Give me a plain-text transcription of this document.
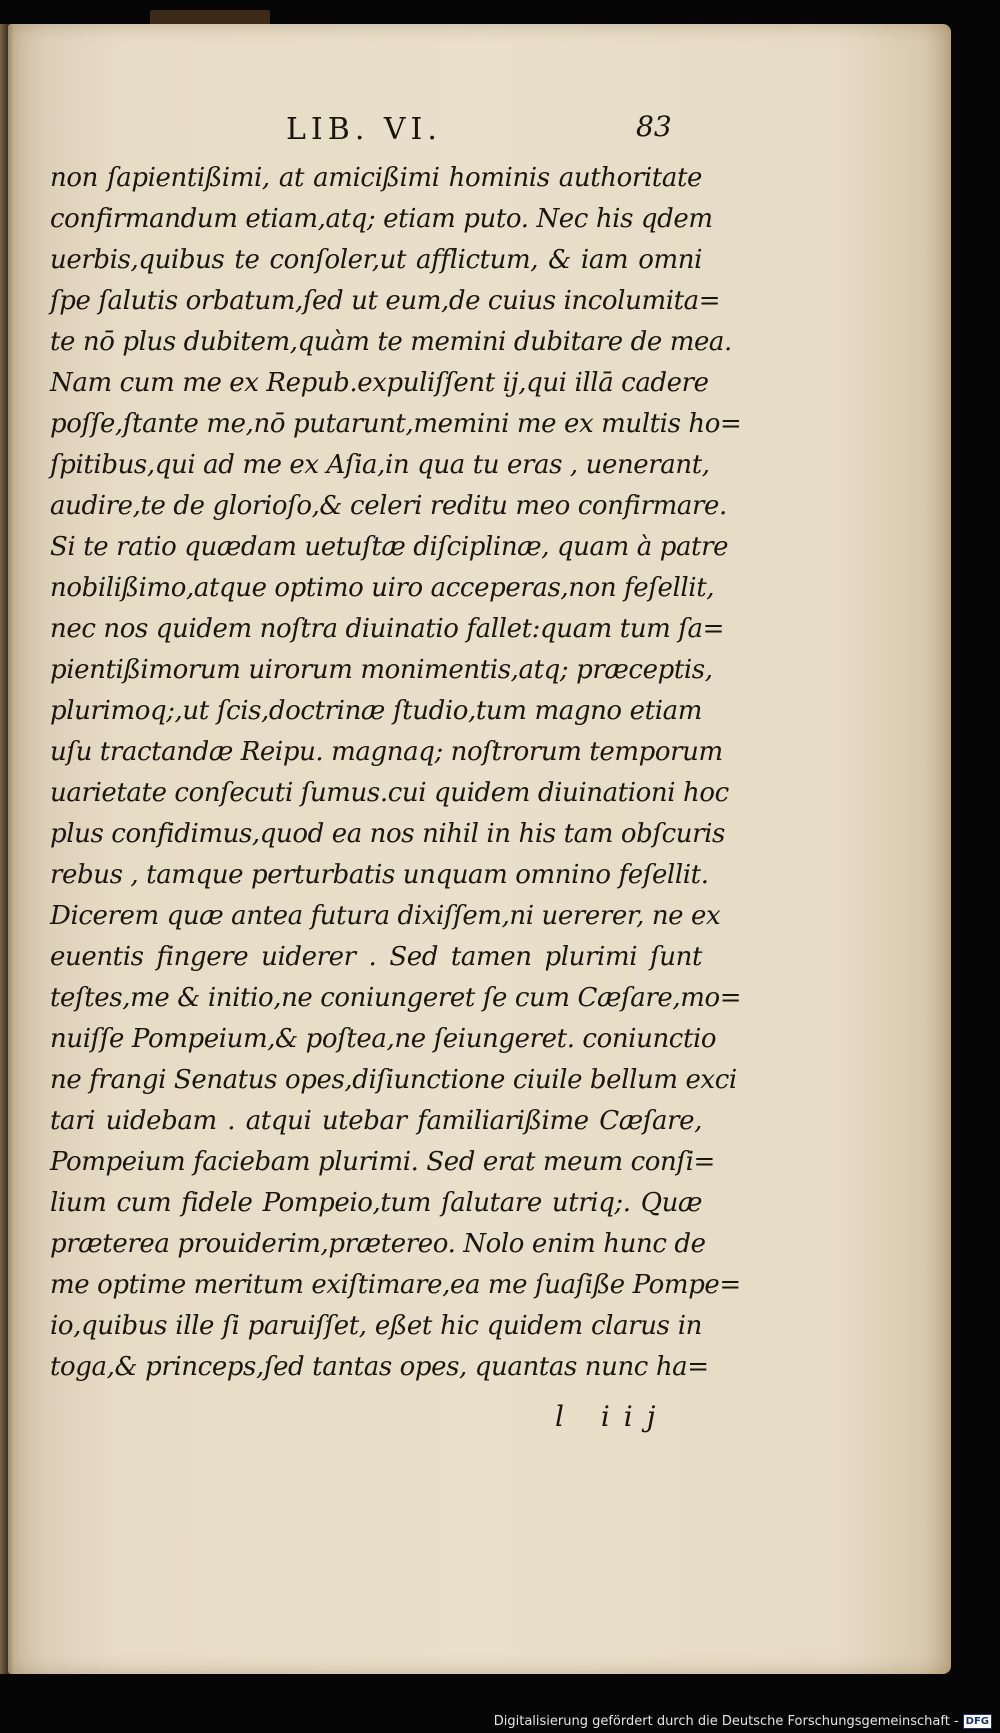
LIB. VI.	83
non ſapientißimi, at amicißimi hominis authoritate
confirmandum etiam,atq; etiam puto. Nec his qdem
uerbis,quibus te conſoler,ut afflictum, & iam omni
ſpe ſalutis orbatum,ſed ut eum,de cuius incolumita=
te nō plus dubitem,quàm te memini dubitare de mea.
Nam cum me ex Repub.expuliſſent ij,qui illā cadere
poſſe,ſtante me,nō putarunt,memini me ex multis ho=
ſpitibus,qui ad me ex Aſia,in qua tu eras , uenerant,
audire,te de glorioſo,& celeri reditu meo confirmare.
Si te ratio quædam uetuſtæ diſciplinæ, quam à patre
nobilißimo,atque optimo uiro acceperas,non feſellit,
nec nos quidem noſtra diuinatio fallet:quam tum ſa=
pientißimorum uirorum monimentis,atq; præceptis,
plurimoq;,ut ſcis,doctrinæ ſtudio,tum magno etiam
uſu tractandæ Reipu. magnaq; noſtrorum temporum
uarietate conſecuti ſumus.cui quidem diuinationi hoc
plus confidimus,quod ea nos nihil in his tam obſcuris
rebus , tamque perturbatis unquam omnino feſellit.
Dicerem quæ antea futura dixiſſem,ni uererer, ne ex
euentis fingere uiderer . Sed tamen plurimi ſunt
teſtes,me & initio,ne coniungeret ſe cum Cæſare,mo=
nuiſſe Pompeium,& poſtea,ne ſeiungeret. coniunctio
ne frangi Senatus opes,diſiunctione ciuile bellum exci
tari uidebam . atqui utebar familiarißime Cæſare,
Pompeium faciebam plurimi. Sed erat meum conſi=
lium cum fidele Pompeio,tum ſalutare utriq;. Quæ
præterea prouiderim,prætereo. Nolo enim hunc de
me optime meritum exiſtimare,ea me ſuaſiße Pompe=
io,quibus ille ſi paruiſſet, eßet hic quidem clarus in
toga,& princeps,ſed tantas opes, quantas nunc ha=
l iij
Digitalisierung gefördert durch die Deutsche Forschungsgemeinschaft - DFG
